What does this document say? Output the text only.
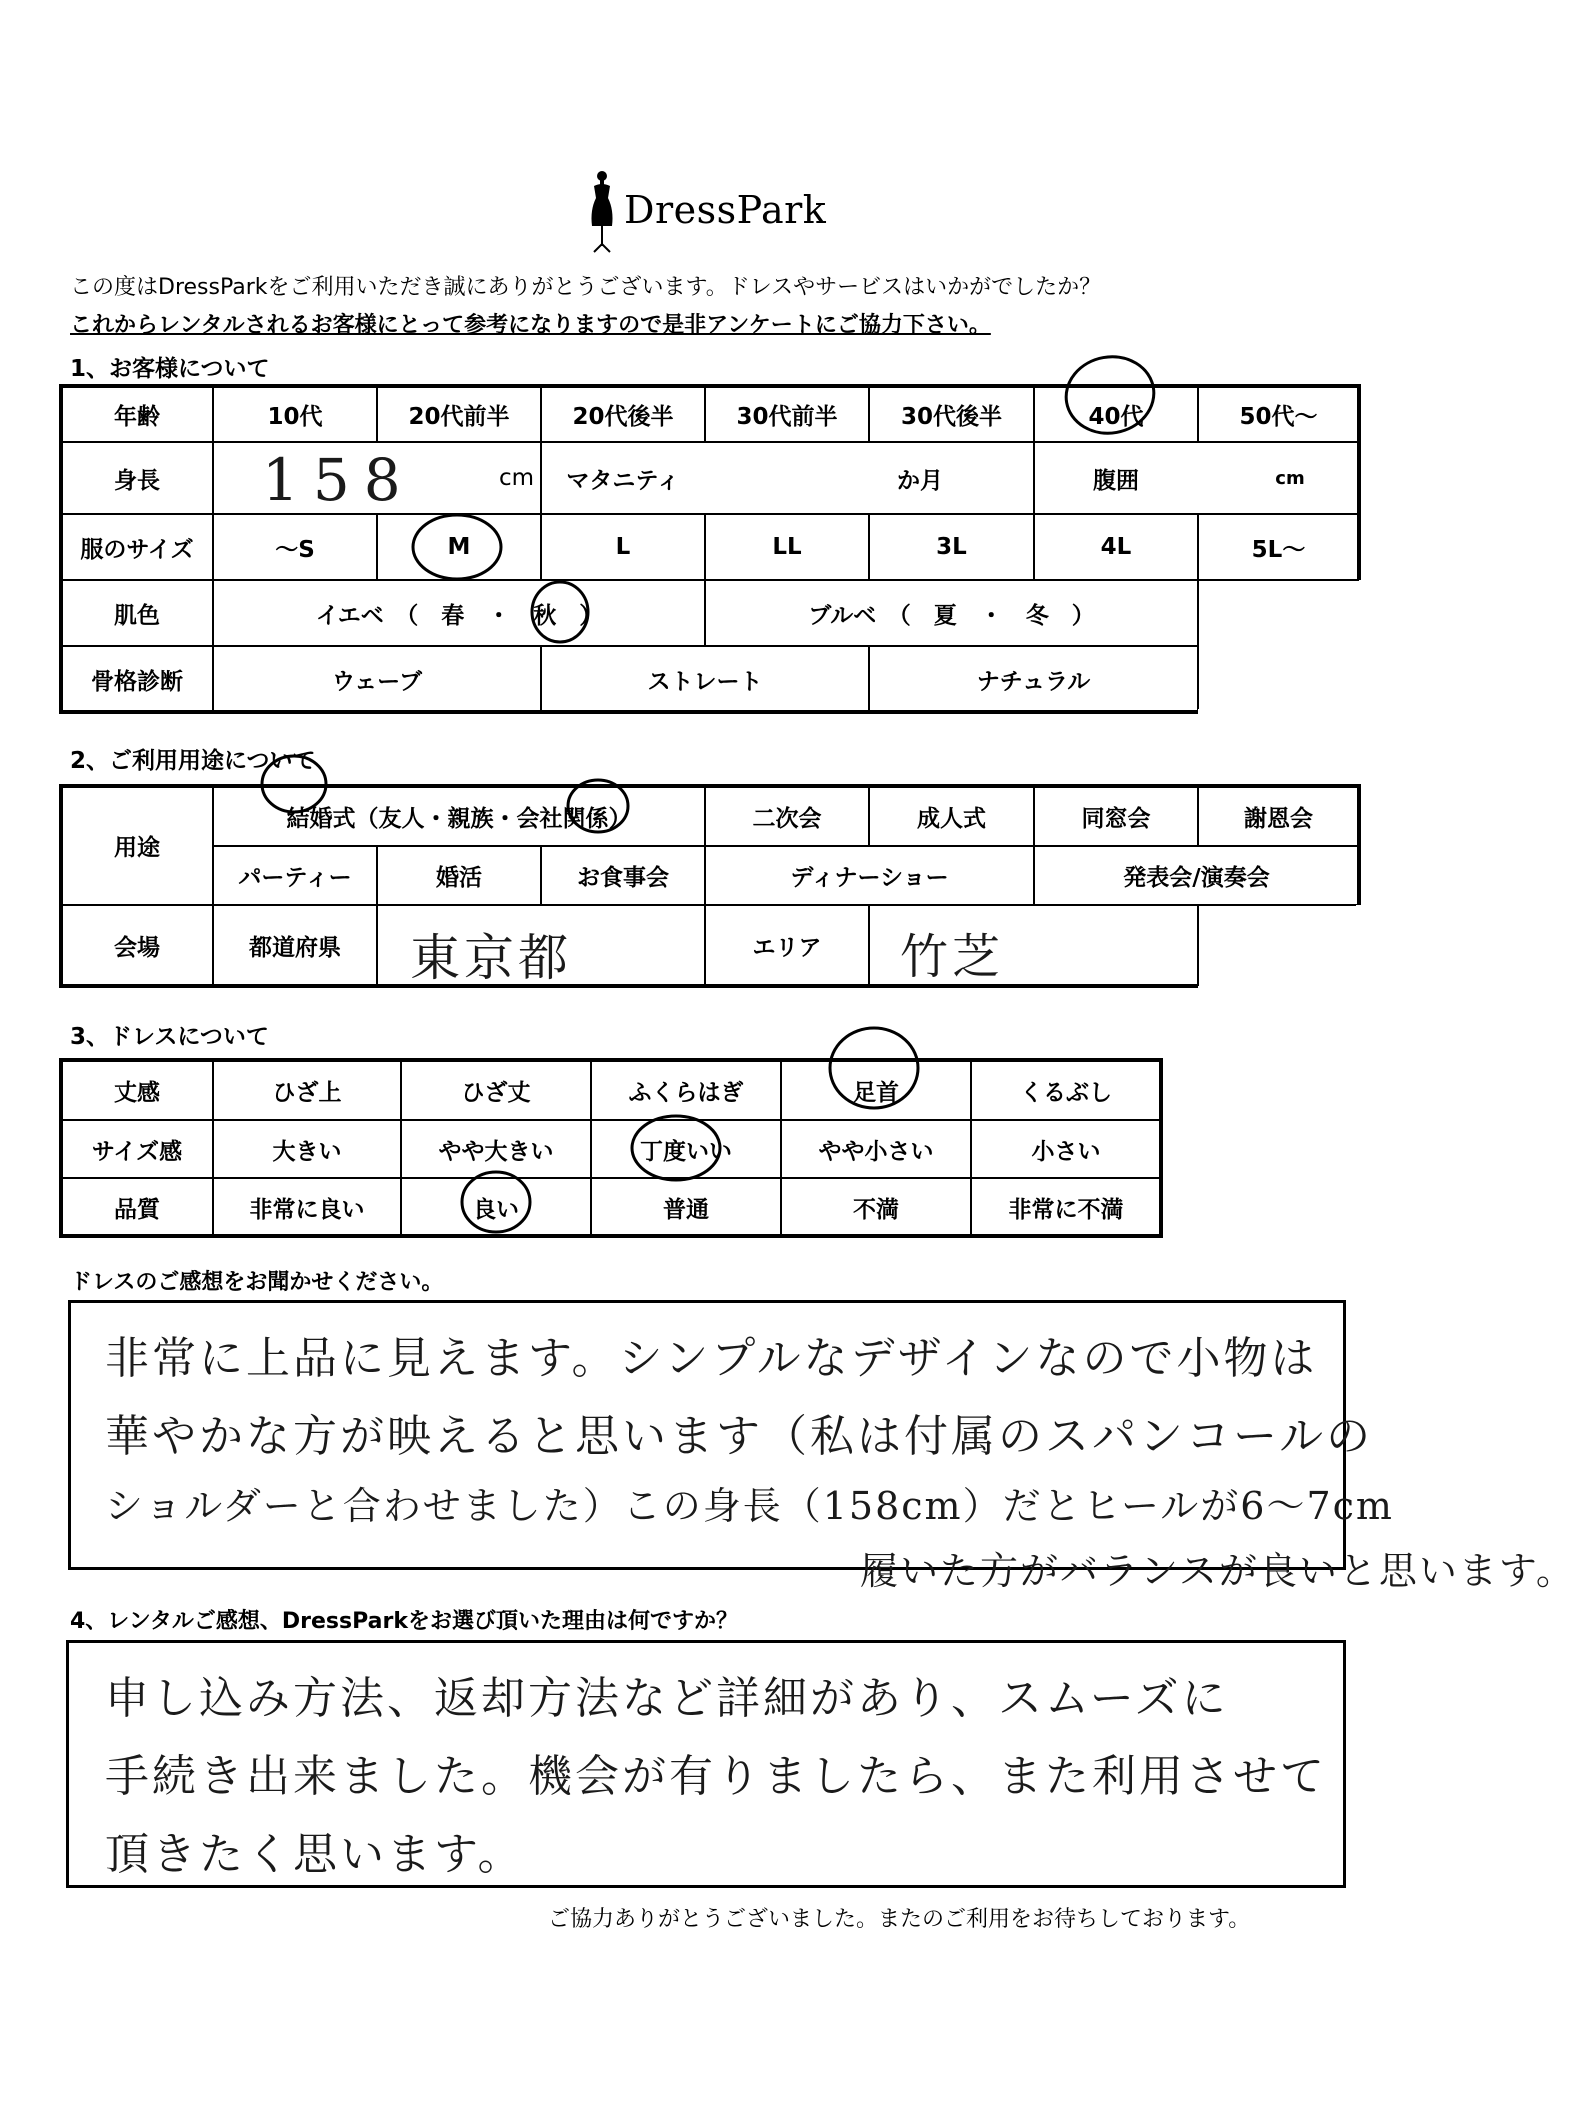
DressPark
この度はDressParkをご利用いただき誠にありがとうございます。ドレスやサービスはいかがでしたか？
これからレンタルされるお客様にとって参考になりますので是非アンケートにご協力下さい。
1、お客様について
年齢	10代	20代前半	20代後半	30代前半	30代後半	40代	50代～
身長	158	cm	マタニティ	か月	腹囲	cm
服のサイズ	～S	M	L	LL	3L	4L	5L～
肌色	イエベ　（　春　・　秋　）	ブルベ　（　夏　・　冬　）
骨格診断	ウェーブ	ストレート	ナチュラル
2、ご利用用途について
用途
結婚式（友人・親族・会社関係）	二次会	成人式	同窓会	謝恩会
パーティー	婚活	お食事会	ディナーショー	発表会/演奏会
会場	都道府県	東京都	エリア	竹芝
3、ドレスについて
丈感	ひざ上	ひざ丈	ふくらはぎ	足首	くるぶし
サイズ感	大きい	やや大きい	丁度いい	やや小さい	小さい
品質	非常に良い	良い	普通	不満	非常に不満
ドレスのご感想をお聞かせください。
非常に上品に見えます。シンプルなデザインなので小物は
華やかな方が映えると思います（私は付属のスパンコールの
ショルダーと合わせました）この身長（158cm）だとヒールが6～7cm
履いた方がバランスが良いと思います。
4、レンタルご感想、DressParkをお選び頂いた理由は何ですか？
申し込み方法、返却方法など詳細があり、スムーズに
手続き出来ました。機会が有りましたら、また利用させて
頂きたく思います。
ご協力ありがとうございました。またのご利用をお待ちしております。
